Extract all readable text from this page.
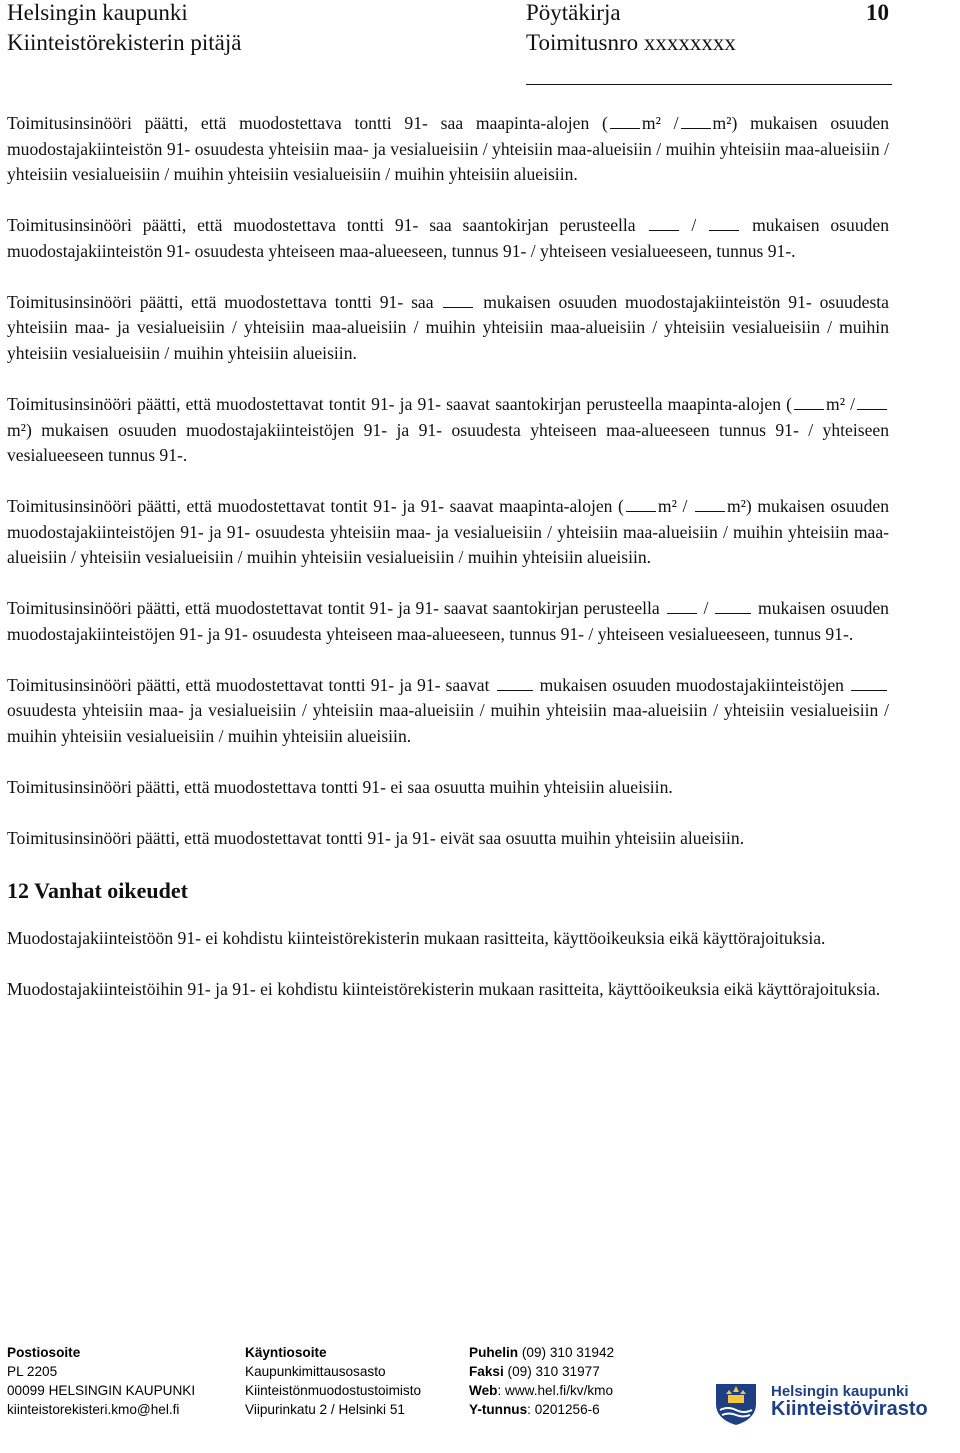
Helsingin kaupunki
Kiinteistörekisterin pitäjä
Pöytäkirja
Toimitusnro xxxxxxxx
10

Toimitusinsinööri päätti, että muodostettava tontti 91- saa maapinta-alojen ( m² / m²) mukaisen osuuden muodostajakiinteistön 91- osuudesta yhteisiin maa- ja vesialueisiin / yhteisiin maa-alueisiin / muihin yhteisiin maa-alueisiin / yhteisiin vesialueisiin / muihin yhteisiin vesialueisiin / muihin yhteisiin alueisiin.

Toimitusinsinööri päätti, että muodostettava tontti 91- saa saantokirjan perusteella	/	mukaisen osuuden muodostajakiinteistön 91- osuudesta yhteiseen maa-alueeseen, tunnus 91- / yhteiseen vesialueeseen, tunnus 91-.

Toimitusinsinööri päätti, että muodostettava tontti 91- saa	mukaisen osuuden muodostajakiinteistön 91- osuudesta yhteisiin maa- ja vesialueisiin / yhteisiin maa-alueisiin / muihin yhteisiin maa-alueisiin / yhteisiin vesialueisiin / muihin yhteisiin vesialueisiin / muihin yhteisiin alueisiin.

Toimitusinsinööri päätti, että muodostettavat tontit 91- ja 91- saavat saantokirjan perusteella maapinta-alojen ( m² /m²) mukaisen osuuden muodostajakiinteistöjen 91- ja 91- osuudesta yhteiseen maa-alueeseen tunnus 91- / yhteiseen vesialueeseen tunnus 91-.

Toimitusinsinööri päätti, että muodostettavat tontit 91- ja 91- saavat maapinta-alojen ( m² / m²) mukaisen osuuden muodostajakiinteistöjen 91- ja 91- osuudesta yhteisiin maa- ja vesialueisiin / yhteisiin maa-alueisiin / muihin yhteisiin maa-alueisiin / yhteisiin vesialueisiin / muihin yhteisiin vesialueisiin / muihin yhteisiin alueisiin.

Toimitusinsinööri päätti, että muodostettavat tontit 91- ja 91- saavat saantokirjan perusteella /	mukaisen osuuden muodostajakiinteistöjen 91- ja 91- osuudesta yhteiseen maa-alueeseen, tunnus 91- / yhteiseen vesialueeseen, tunnus 91-.

Toimitusinsinööri päätti, että muodostettavat tontti 91- ja 91- saavat	mukaisen osuuden muodostajakiinteistöjen  osuudesta yhteisiin maa- ja vesialueisiin / yhteisiin maa-alueisiin / muihin yhteisiin maa-alueisiin / yhteisiin vesialueisiin / muihin yhteisiin vesialueisiin / muihin yhteisiin alueisiin.

Toimitusinsinööri päätti, että muodostettava tontti 91- ei saa osuutta muihin yhteisiin alueisiin.

Toimitusinsinööri päätti, että muodostettavat tontti 91- ja 91- eivät saa osuutta muihin yhteisiin alueisiin.

12 Vanhat oikeudet

Muodostajakiinteistöön 91- ei kohdistu kiinteistörekisterin mukaan rasitteita, käyttöoikeuksia eikä käyttörajoituksia.

Muodostajakiinteistöihin 91- ja 91- ei kohdistu kiinteistörekisterin mukaan rasitteita, käyttöoikeuksia eikä käyttörajoituksia.

Postiosoite
PL 2205
00099 HELSINGIN KAUPUNKI
kiinteistorekisteri.kmo@hel.fi
Käyntiosoite
Kaupunkimittausosasto
Kiinteistönmuodostustoimisto
Viipurinkatu 2 / Helsinki 51
Puhelin (09) 310 31942
Faksi (09) 310 31977
Web: www.hel.fi/kv/kmo
Y-tunnus: 0201256-6
Helsingin kaupunki
Kiinteistövirasto
